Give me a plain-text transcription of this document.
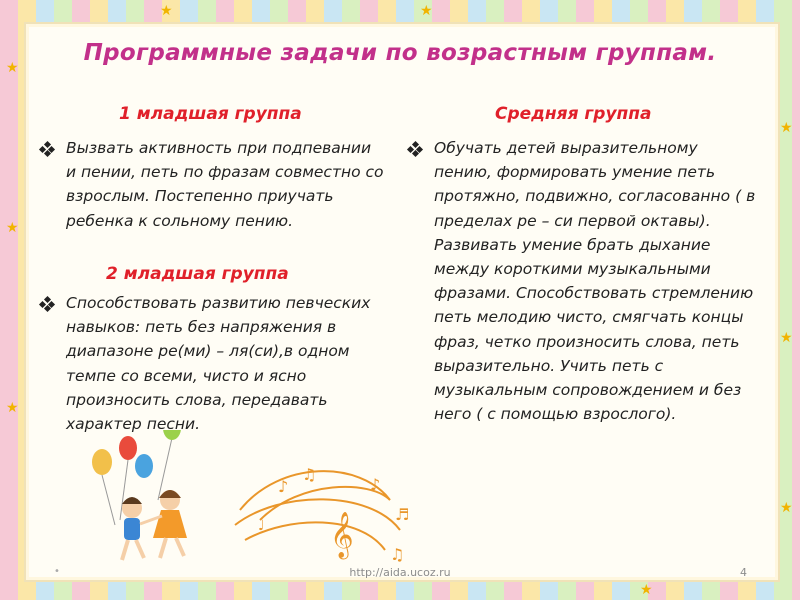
★
★
★
★
★
★
★	★
★
Программные задачи по возрастным группам.
1 младшая группа
Вызвать активность при подпевании и пении, петь по фразам совместно со взрослым. Постепенно приучать ребенка к сольному пению.
2 младшая группа
Способствовать развитию певческих навыков: петь без напряжения в диапазоне ре(ми) – ля(си),в одном темпе со всеми, чисто и ясно произносить слова, передавать характер песни.
Средняя группа
Обучать детей выразительному пению, формировать умение петь протяжно, подвижно, согласованно ( в пределах ре – си первой октавы). Развивать умение брать дыхание между короткими музыкальными фразами. Способствовать стремлению петь мелодию чисто, смягчать концы фраз, четко произносить слова, петь выразительно. Учить петь с музыкальным сопровождением и без него ( с помощью взрослого).
𝄞
♪
♫
♪
♬
♩
♫
•	http://aida.ucoz.ru	4
